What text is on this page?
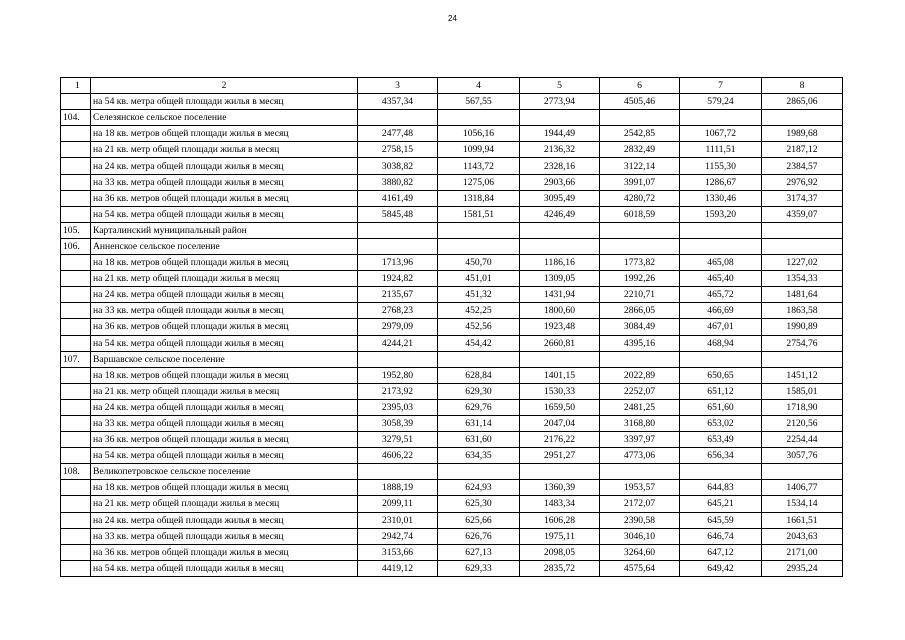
24
1	2	3	4	5	6	7	8
	на 54 кв. метра общей площади жилья в месяц	4357,34	567,55	2773,94	4505,46	579,24	2865,06
104.	Селезянское сельское поселение						
	на 18 кв. метров общей площади жилья в месяц	2477,48	1056,16	1944,49	2542,85	1067,72	1989,68
	на 21 кв. метр общей площади жилья в месяц	2758,15	1099,94	2136,32	2832,49	1111,51	2187,12
	на 24 кв. метра общей площади жилья в месяц	3038,82	1143,72	2328,16	3122,14	1155,30	2384,57
	на 33 кв. метра общей площади жилья в месяц	3880,82	1275,06	2903,66	3991,07	1286,67	2976,92
	на 36 кв. метров общей площади жилья в месяц	4161,49	1318,84	3095,49	4280,72	1330,46	3174,37
	на 54 кв. метра общей площади жилья в месяц	5845,48	1581,51	4246,49	6018,59	1593,20	4359,07
105.	Карталинский муниципальный район						
106.	Анненское сельское поселение						
	на 18 кв. метров общей площади жилья в месяц	1713,96	450,70	1186,16	1773,82	465,08	1227,02
	на 21 кв. метр общей площади жилья в месяц	1924,82	451,01	1309,05	1992,26	465,40	1354,33
	на 24 кв. метра общей площади жилья в месяц	2135,67	451,32	1431,94	2210,71	465,72	1481,64
	на 33 кв. метра общей площади жилья в месяц	2768,23	452,25	1800,60	2866,05	466,69	1863,58
	на 36 кв. метров общей площади жилья в месяц	2979,09	452,56	1923,48	3084,49	467,01	1990,89
	на 54 кв. метра общей площади жилья в месяц	4244,21	454,42	2660,81	4395,16	468,94	2754,76
107.	Варшавское сельское поселение						
	на 18 кв. метров общей площади жилья в месяц	1952,80	628,84	1401,15	2022,89	650,65	1451,12
	на 21 кв. метр общей площади жилья в месяц	2173,92	629,30	1530,33	2252,07	651,12	1585,01
	на 24 кв. метра общей площади жилья в месяц	2395,03	629,76	1659,50	2481,25	651,60	1718,90
	на 33 кв. метра общей площади жилья в месяц	3058,39	631,14	2047,04	3168,80	653,02	2120,56
	на 36 кв. метров общей площади жилья в месяц	3279,51	631,60	2176,22	3397,97	653,49	2254,44
	на 54 кв. метра общей площади жилья в месяц	4606,22	634,35	2951,27	4773,06	656,34	3057,76
108.	Великопетровское сельское поселение						
	на 18 кв. метров общей площади жилья в месяц	1888,19	624,93	1360,39	1953,57	644,83	1406,77
	на 21 кв. метр общей площади жилья в месяц	2099,11	625,30	1483,34	2172,07	645,21	1534,14
	на 24 кв. метра общей площади жилья в месяц	2310,01	625,66	1606,28	2390,58	645,59	1661,51
	на 33 кв. метра общей площади жилья в месяц	2942,74	626,76	1975,11	3046,10	646,74	2043,63
	на 36 кв. метров общей площади жилья в месяц	3153,66	627,13	2098,05	3264,60	647,12	2171,00
	на 54 кв. метра общей площади жилья в месяц	4419,12	629,33	2835,72	4575,64	649,42	2935,24
